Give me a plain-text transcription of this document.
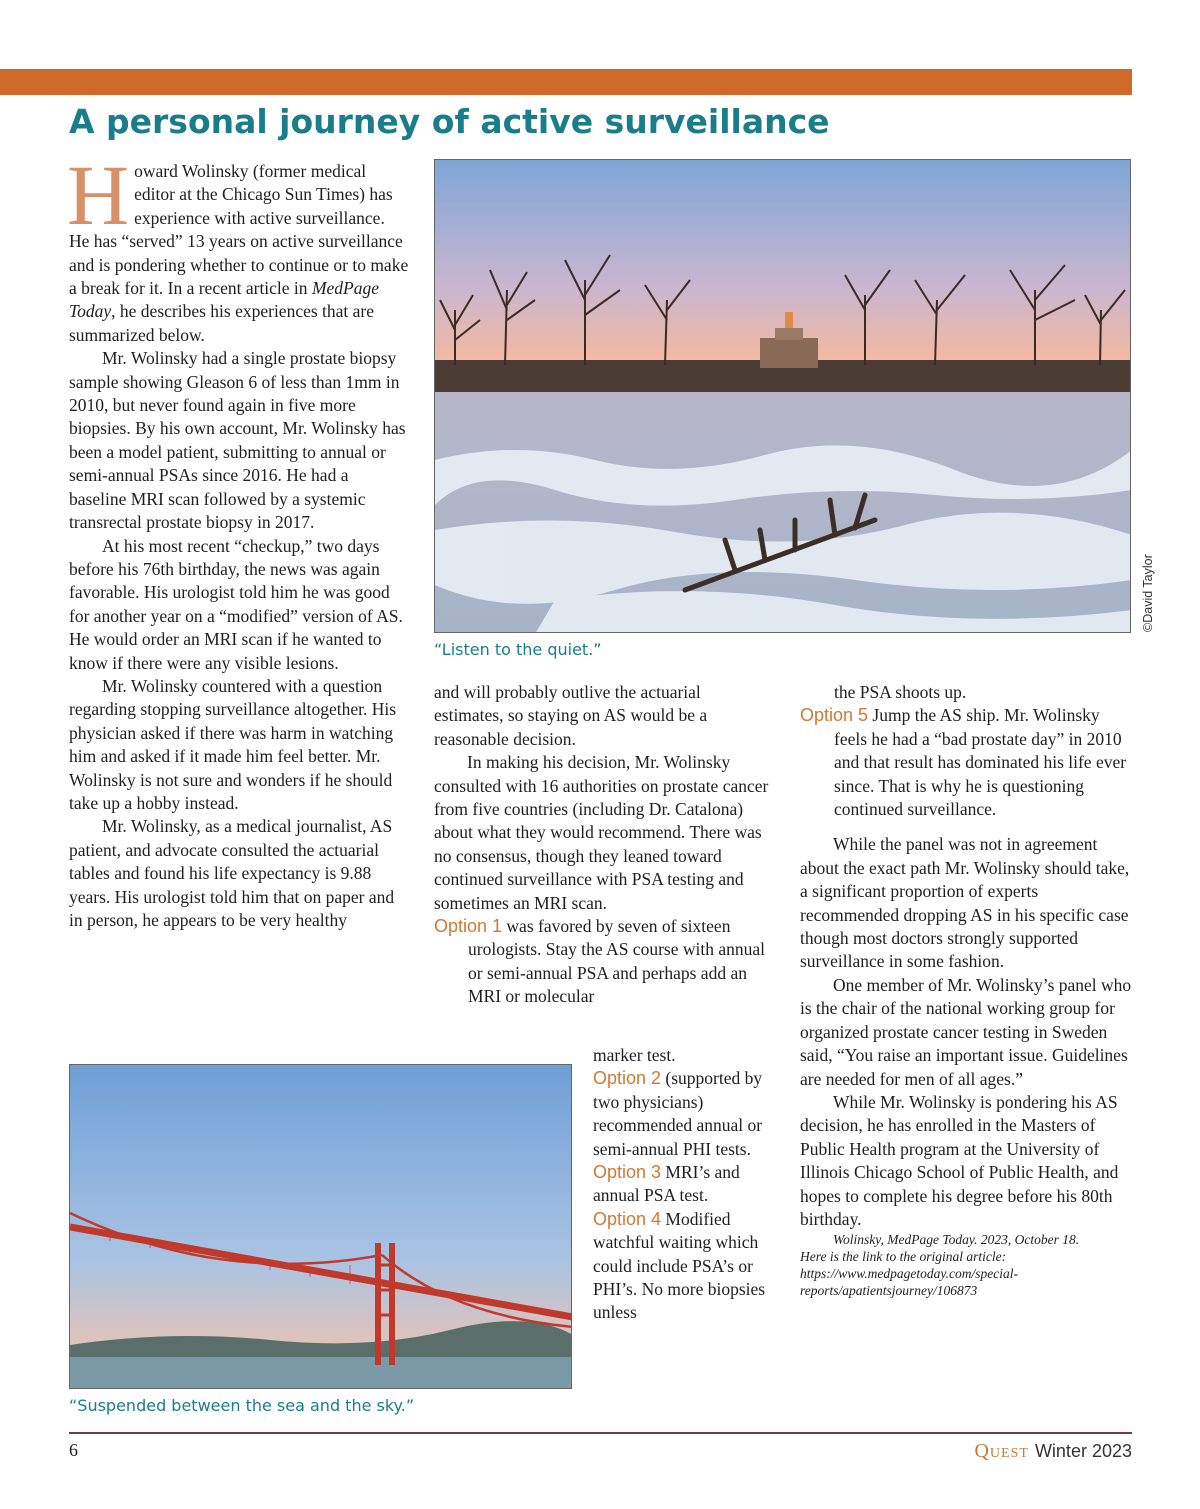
A personal journey of active surveillance

Howard Wolinsky (former medical editor at the Chicago Sun Times) has experience with active surveillance. He has “served” 13 years on active surveillance and is pondering whether to continue or to make a break for it. In a recent article in MedPage Today, he describes his experiences that are summarized below.

Mr. Wolinsky had a single prostate biopsy sample showing Gleason 6 of less than 1mm in 2010, but never found again in five more biopsies. By his own account, Mr. Wolinsky has been a model patient, submitting to annual or semi-annual PSAs since 2016. He had a baseline MRI scan followed by a systemic transrectal prostate biopsy in 2017.

At his most recent “checkup,” two days before his 76th birthday, the news was again favorable. His urologist told him he was good for another year on a “modified” version of AS. He would order an MRI scan if he wanted to know if there were any visible lesions.

Mr. Wolinsky countered with a question regarding stopping surveillance altogether. His physician asked if there was harm in watching him and asked if it made him feel better. Mr. Wolinsky is not sure and wonders if he should take up a hobby instead.

Mr. Wolinsky, as a medical journalist, AS patient, and advocate consulted the actuarial tables and found his life expectancy is 9.88 years. His urologist told him that on paper and in person, he appears to be very healthy

©David Taylor
“Listen to the quiet.”

and will probably outlive the actuarial estimates, so staying on AS would be a reasonable decision.

In making his decision, Mr. Wolinsky consulted with 16 authorities on prostate cancer from five countries (including Dr. Catalona) about what they would recommend. There was no consensus, though they leaned toward continued surveillance with PSA testing and sometimes an MRI scan.

Option 1 was favored by seven of sixteen urologists. Stay the AS course with annual or semi-annual PSA and perhaps add an MRI or molecular

marker test.

Option 2 (supported by two physicians) recommended annual or semi-annual PHI tests.

Option 3 MRI’s and annual PSA test.

Option 4 Modified watchful waiting which could include PSA’s or PHI’s. No more biopsies unless

“Suspended between the sea and the sky.”

the PSA shoots up.

Option 5 Jump the AS ship. Mr. Wolinsky feels he had a “bad prostate day” in 2010 and that result has dominated his life ever since. That is why he is questioning continued surveillance.

While the panel was not in agreement about the exact path Mr. Wolinsky should take, a significant proportion of experts recommended dropping AS in his specific case though most doctors strongly supported surveillance in some fashion.

One member of Mr. Wolinsky’s panel who is the chair of the national working group for organized prostate cancer testing in Sweden said, “You raise an important issue. Guidelines are needed for men of all ages.”

While Mr. Wolinsky is pondering his AS decision, he has enrolled in the Masters of Public Health program at the University of Illinois Chicago School of Public Health, and hopes to complete his degree before his 80th birthday.

Wolinsky, MedPage Today. 2023, October 18.
Here is the link to the original article: https://www.medpagetoday.com/special-reports/apatientsjourney/106873

6	Quest Winter 2023
